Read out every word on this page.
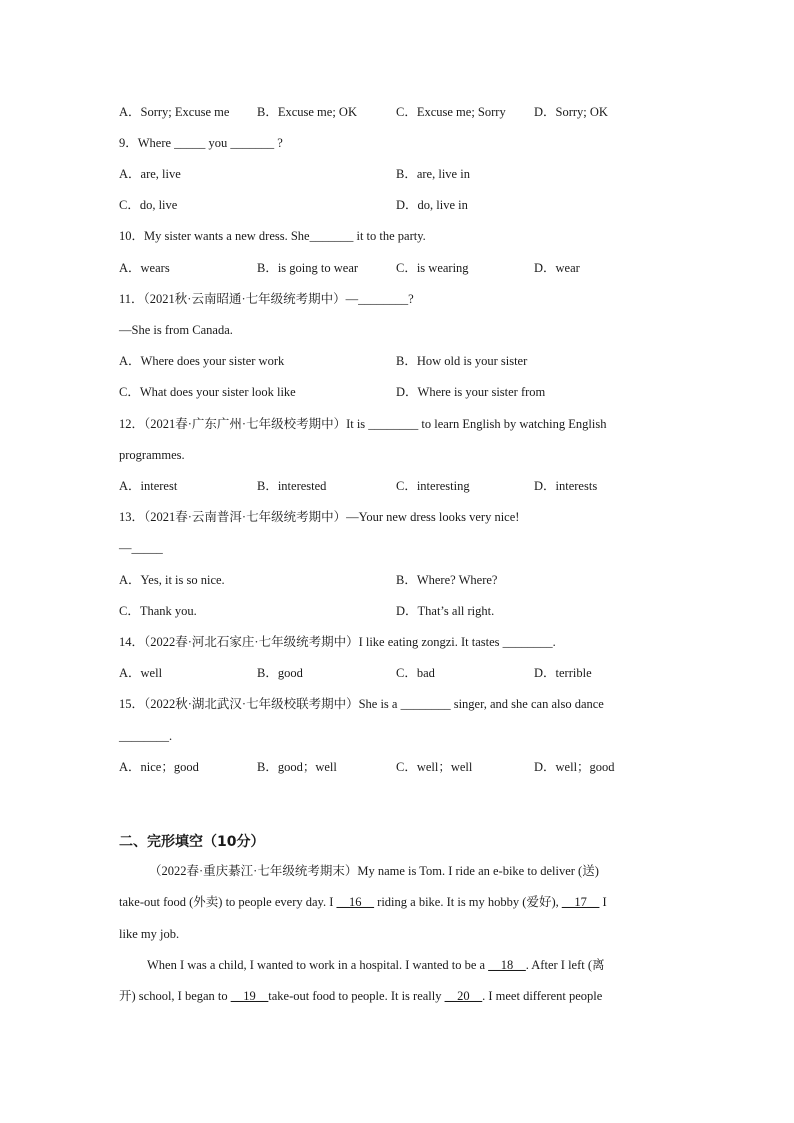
A．Sorry; Excuse me B．Excuse me; OK	C．Excuse me; Sorry D．Sorry; OK
9．Where _____ you _______ ?
A．are, live	B．are, live in
C．do, live	D．do, live in
10．My sister wants a new dress. She_______ it to the party.
A．wears	B．is going to wear	C．is wearing	D．wear
11．（2021秋·云南昭通·七年级统考期中）—________?
—She is from Canada.
A．Where does your sister work	B．How old is your sister
C．What does your sister look like	D．Where is your sister from
12．（2021春·广东广州·七年级校考期中）It is ________ to learn English by watching English
programmes.
A．interest	B．interested	C．interesting	D．interests
13．（2021春·云南普洱·七年级统考期中）—Your new dress looks very nice!
—_____
A．Yes, it is so nice.	B．Where? Where?
C．Thank you.	D．That’s all right.
14．（2022春·河北石家庄·七年级统考期中）I like eating zongzi. It tastes ________.
A．well	B．good	C．bad	D．terrible
15．（2022秋·湖北武汉·七年级校联考期中）She is a ________ singer, and she can also dance
________.
A．nice；good	B．good；well	C．well；well	D．well；good
二、完形填空（10分）
（2022春·重庆綦江·七年级统考期末）My name is Tom. I ride an e-bike to deliver (送)
take-out food (外卖) to people every day. I __16__ riding a bike. It is my hobby (爱好), __17__ I
like my job.
When I was a child, I wanted to work in a hospital. I wanted to be a __18__. After I left (离
开) school, I began to __19__take-out food to people. It is really __20__. I meet different people
